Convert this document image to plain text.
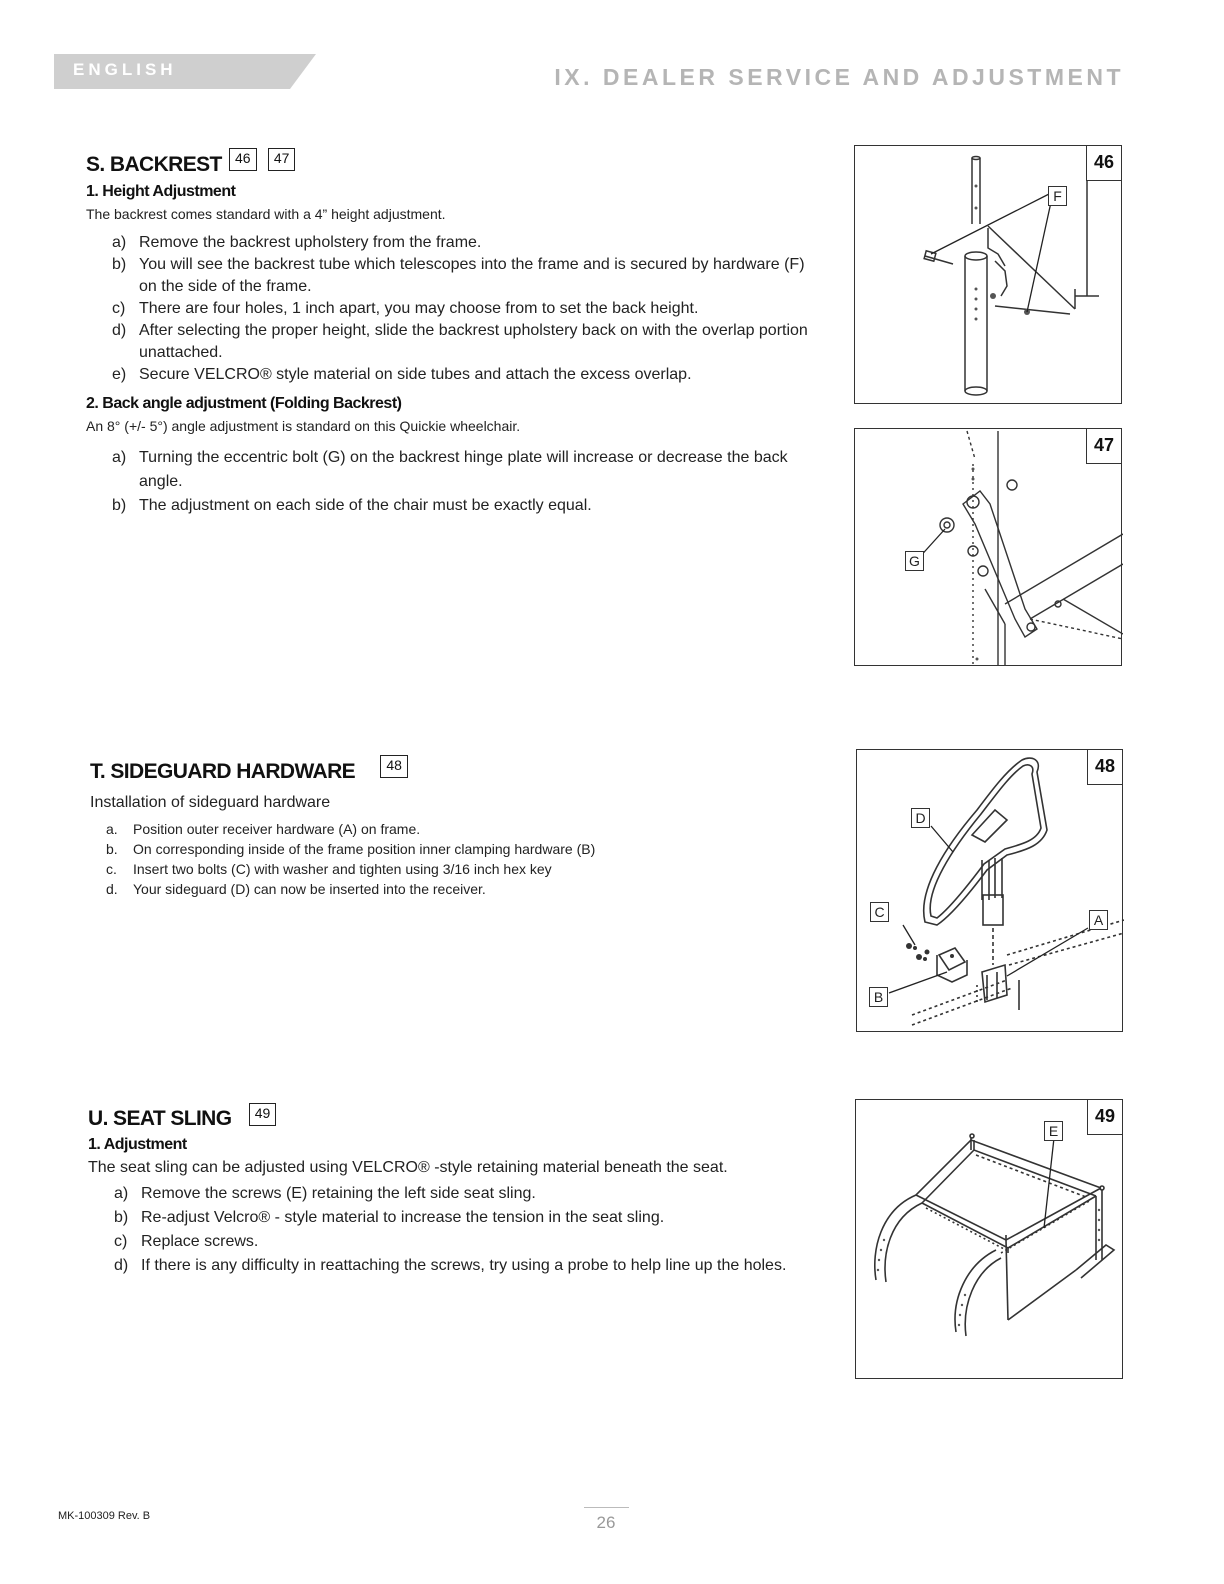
ENGLISH	IX. DEALER SERVICE AND ADJUSTMENT
S. BACKREST 46 47
1. Height Adjustment
The backrest comes standard with a 4” height adjustment.
a) Remove the backrest upholstery from the frame.
b) You will see the backrest tube which telescopes into the frame and is secured by hardware (F) on the side of the frame.
c) There are four holes, 1 inch apart, you may choose from to set the back height.
d) After selecting the proper height, slide the backrest upholstery back on with the overlap portion unattached.
e) Secure VELCRO® style material on side tubes and attach the excess overlap.
2. Back angle adjustment (Folding Backrest)
An 8° (+/- 5°) angle adjustment is standard on this Quickie wheelchair.
a) Turning the eccentric bolt (G) on the backrest hinge plate will increase or decrease the back angle.
b) The adjustment on each side of the chair must be exactly equal.
F
46
G
47
T. SIDEGUARD HARDWARE 48
Installation of sideguard hardware
a. Position outer receiver hardware (A) on frame.
b. On corresponding inside of the frame position inner clamping hardware (B)
c. Insert two bolts (C) with washer and tighten using 3/16 inch hex key
d. Your sideguard (D) can now be inserted into the receiver.
D
C	A
B
48
U. SEAT SLING 49
1. Adjustment
The seat sling can be adjusted using VELCRO® -style retaining material beneath the seat.
a) Remove the screws (E) retaining the left side seat sling.
b) Re-adjust Velcro® - style material to increase the tension in the seat sling.
c) Replace screws.
d) If there is any difficulty in reattaching the screws, try using a probe to help line up the holes.
E
49
MK-100309 Rev. B	26
